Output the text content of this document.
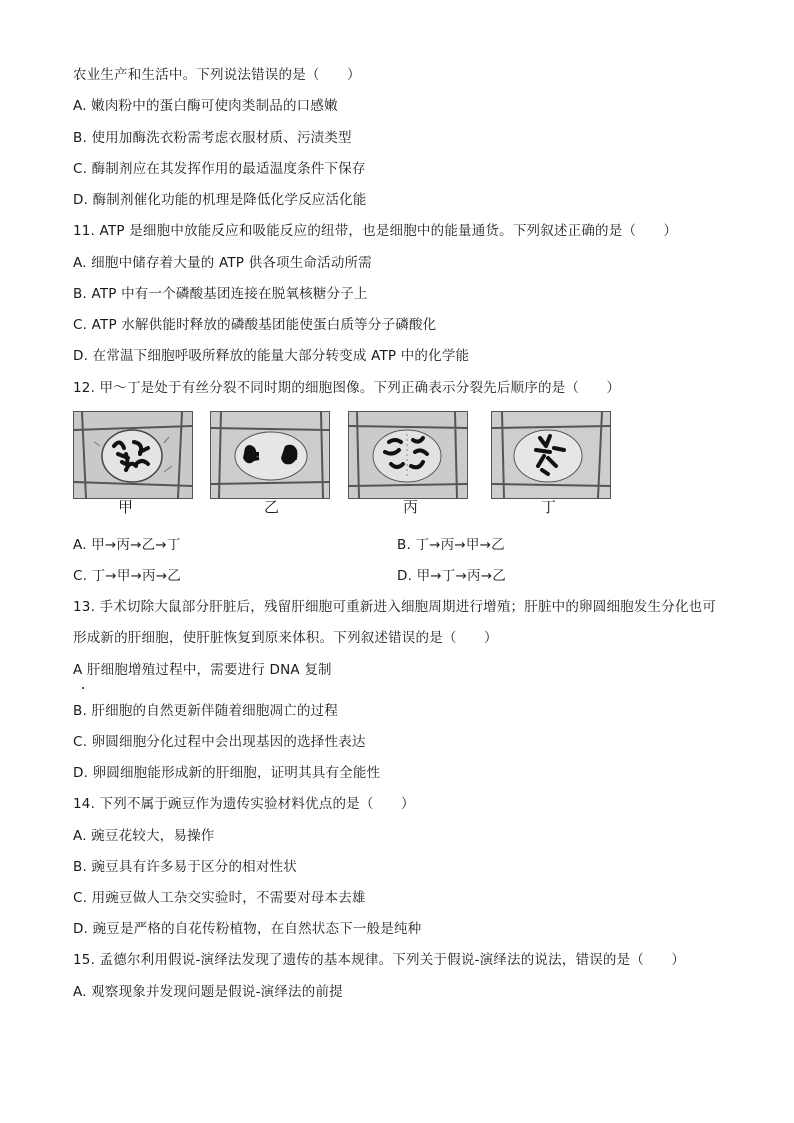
农业生产和生活中。下列说法错误的是（　　）
A. 嫩肉粉中的蛋白酶可使肉类制品的口感嫩
B. 使用加酶洗衣粉需考虑衣服材质、污渍类型
C. 酶制剂应在其发挥作用的最适温度条件下保存
D. 酶制剂催化功能的机理是降低化学反应活化能
11. ATP 是细胞中放能反应和吸能反应的纽带，也是细胞中的能量通货。下列叙述正确的是（　　）
A. 细胞中储存着大量的 ATP 供各项生命活动所需
B. ATP 中有一个磷酸基团连接在脱氧核糖分子上
C. ATP 水解供能时释放的磷酸基团能使蛋白质等分子磷酸化
D. 在常温下细胞呼吸所释放的能量大部分转变成 ATP 中的化学能
12. 甲～丁是处于有丝分裂不同时期的细胞图像。下列正确表示分裂先后顺序的是（　　）
甲	乙	丙	丁
A. 甲→丙→乙→丁	B. 丁→丙→甲→乙
C. 丁→甲→丙→乙	D. 甲→丁→丙→乙
13. 手术切除大鼠部分肝脏后，残留肝细胞可重新进入细胞周期进行增殖；肝脏中的卵圆细胞发生分化也可
形成新的肝细胞，使肝脏恢复到原来体积。下列叙述错误的是（　　）
A 肝细胞增殖过程中，需要进行 DNA 复制
B. 肝细胞的自然更新伴随着细胞凋亡的过程
C. 卵圆细胞分化过程中会出现基因的选择性表达
D. 卵圆细胞能形成新的肝细胞，证明其具有全能性
14. 下列不属于豌豆作为遗传实验材料优点的是（　　）
A. 豌豆花较大，易操作
B. 豌豆具有许多易于区分的相对性状
C. 用豌豆做人工杂交实验时，不需要对母本去雄
D. 豌豆是严格的自花传粉植物，在自然状态下一般是纯种
15. 孟德尔利用假说-演绎法发现了遗传的基本规律。下列关于假说-演绎法的说法，错误的是（　　）
A. 观察现象并发现问题是假说-演绎法的前提
